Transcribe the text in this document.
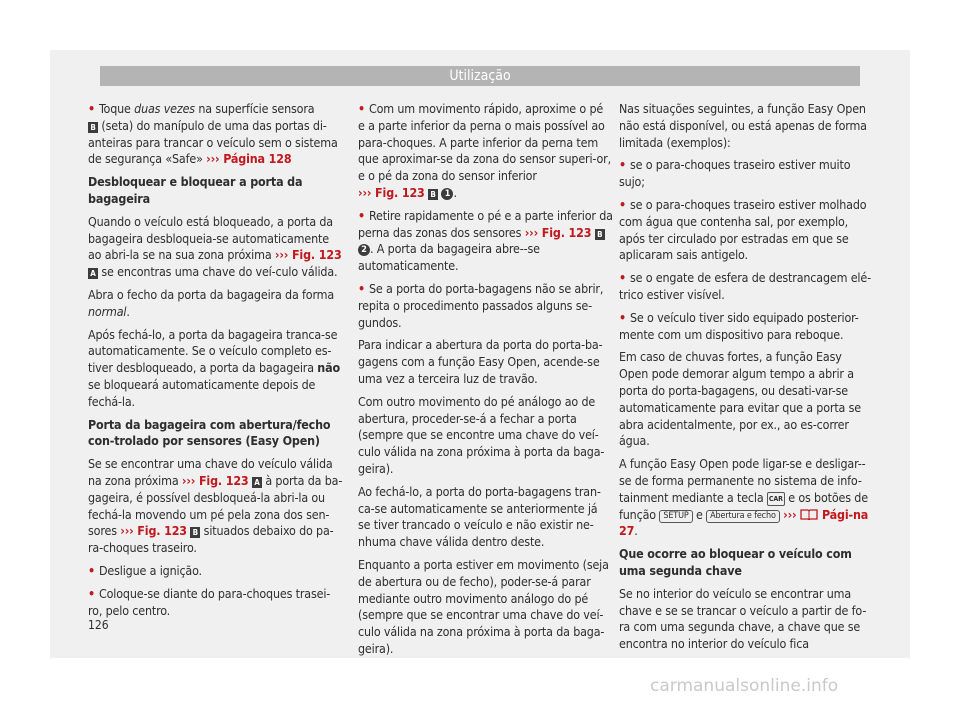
Utilização

• Toque duas vezes na superfície sensora
B (seta) do manípulo de uma das portas di-anteiras para trancar o veículo sem o sistema de segurança «Safe» ››› Página 128

Desbloquear e bloquear a porta da bagageira

Quando o veículo está bloqueado, a porta da bagageira desbloqueia-se automaticamente ao abri-la se na sua zona próxima ››› Fig. 123 A se encontras uma chave do veí-culo válida.

Abra o fecho da porta da bagageira da forma normal.

Após fechá-lo, a porta da bagageira tranca-se automaticamente. Se o veículo completo es-tiver desbloqueado, a porta da bagageira não se bloqueará automaticamente depois de fechá-la.

Porta da bagageira com abertura/fecho con-trolado por sensores (Easy Open)

Se se encontrar uma chave do veículo válida na zona próxima ››› Fig. 123 A à porta da ba-gageira, é possível desbloqueá-la abri-la ou fechá-la movendo um pé pela zona dos sen-sores ››› Fig. 123 B situados debaixo do pa-ra-choques traseiro.

• Desligue a ignição.

• Coloque-se diante do para-choques trasei-ro, pelo centro.

• Com um movimento rápido, aproxime o pé e a parte inferior da perna o mais possível ao para-choques. A parte inferior da perna tem que aproximar-se da zona do sensor superi-or, e o pé da zona do sensor inferior
››› Fig. 123 B 1 .

• Retire rapidamente o pé e a parte inferior da perna das zonas dos sensores ››› Fig. 123 B 2 . A porta da bagageira abre--se automaticamente.

• Se a porta do porta-bagagens não se abrir, repita o procedimento passados alguns se-gundos.

Para indicar a abertura da porta do porta-ba-gagens com a função Easy Open, acende-se uma vez a terceira luz de travão.

Com outro movimento do pé análogo ao de abertura, proceder-se-á a fechar a porta (sempre que se encontre uma chave do veí-culo válida na zona próxima à porta da baga-geira).

Ao fechá-lo, a porta do porta-bagagens tran-ca-se automaticamente se anteriormente já se tiver trancado o veículo e não existir ne-nhuma chave válida dentro deste.

Enquanto a porta estiver em movimento (seja de abertura ou de fecho), poder-se-á parar mediante outro movimento análogo do pé (sempre que se encontrar uma chave do veí-culo válida na zona próxima à porta da baga-geira).

Nas situações seguintes, a função Easy Open não está disponível, ou está apenas de forma limitada (exemplos):

• se o para-choques traseiro estiver muito sujo;

• se o para-choques traseiro estiver molhado com água que contenha sal, por exemplo, após ter circulado por estradas em que se aplicaram sais antigelo.

• se o engate de esfera de destrancagem elé-trico estiver visível.

• Se o veículo tiver sido equipado posterior-mente com um dispositivo para reboque.

Em caso de chuvas fortes, a função Easy Open pode demorar algum tempo a abrir a porta do porta-bagagens, ou desati-var-se automaticamente para evitar que a porta se abra acidentalmente, por ex., ao es-correr água.

A função Easy Open pode ligar-se e desligar--se de forma permanente no sistema de info-tainment mediante a tecla CAR e os botões de função SETUP e Abertura e fecho ›››  Pági-na 27.

Que ocorre ao bloquear o veículo com uma segunda chave

Se no interior do veículo se encontrar uma chave e se se trancar o veículo a partir de fo-ra com uma segunda chave, a chave que se encontra no interior do veículo fica

126
carmanualsonline.info
